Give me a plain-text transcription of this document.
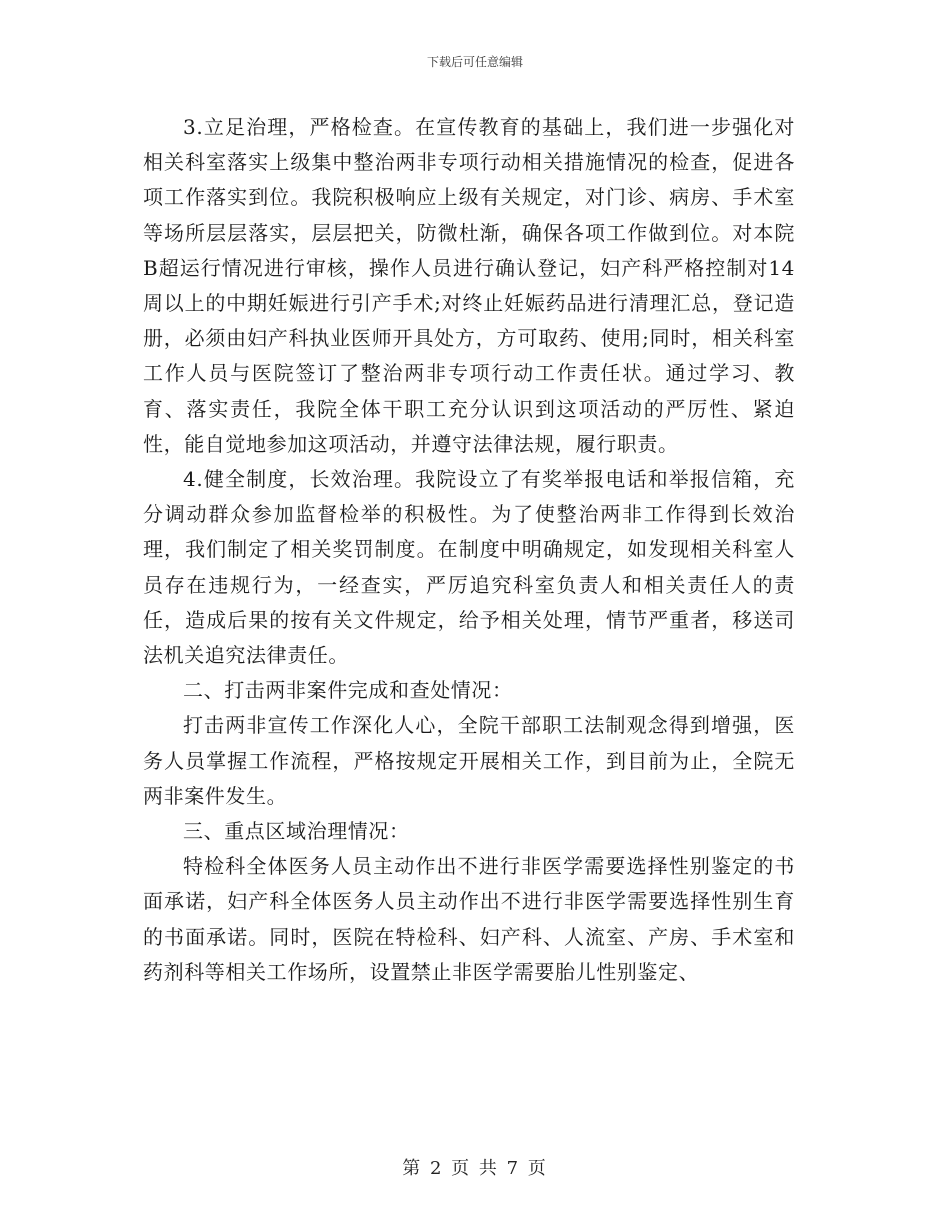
下载后可任意编辑

3.立足治理，严格检查。在宣传教育的基础上，我们进一步强化对相关科室落实上级集中整治两非专项行动相关措施情况的检查，促进各项工作落实到位。我院积极响应上级有关规定，对门诊、病房、手术室等场所层层落实，层层把关，防微杜渐，确保各项工作做到位。对本院B超运行情况进行审核，操作人员进行确认登记，妇产科严格控制对14周以上的中期妊娠进行引产手术;对终止妊娠药品进行清理汇总，登记造册，必须由妇产科执业医师开具处方，方可取药、使用;同时，相关科室工作人员与医院签订了整治两非专项行动工作责任状。通过学习、教育、落实责任，我院全体干职工充分认识到这项活动的严厉性、紧迫性，能自觉地参加这项活动，并遵守法律法规，履行职责。

4.健全制度，长效治理。我院设立了有奖举报电话和举报信箱，充分调动群众参加监督检举的积极性。为了使整治两非工作得到长效治理，我们制定了相关奖罚制度。在制度中明确规定，如发现相关科室人员存在违规行为，一经查实，严厉追究科室负责人和相关责任人的责任，造成后果的按有关文件规定，给予相关处理，情节严重者，移送司法机关追究法律责任。

二、打击两非案件完成和查处情况：

打击两非宣传工作深化人心，全院干部职工法制观念得到增强，医务人员掌握工作流程，严格按规定开展相关工作，到目前为止，全院无两非案件发生。

三、重点区域治理情况：

特检科全体医务人员主动作出不进行非医学需要选择性别鉴定的书面承诺，妇产科全体医务人员主动作出不进行非医学需要选择性别生育的书面承诺。同时，医院在特检科、妇产科、人流室、产房、手术室和药剂科等相关工作场所，设置禁止非医学需要胎儿性别鉴定、

第 2 页 共 7 页
